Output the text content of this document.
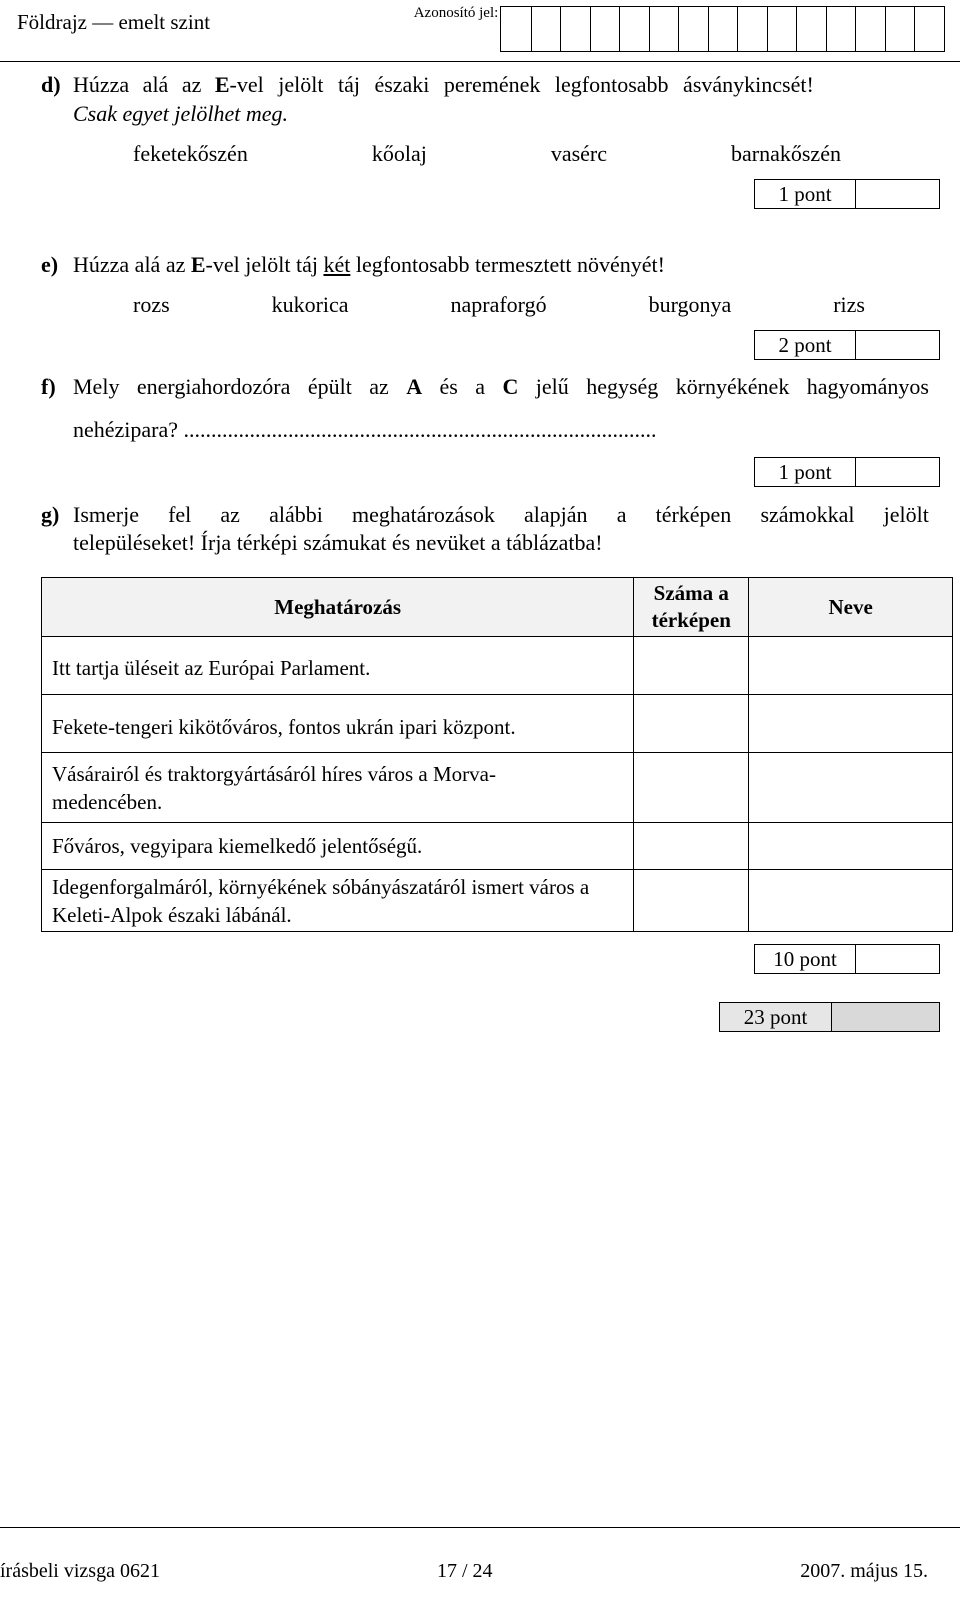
Földrajz — emelt szint	Azonosító jel:
d) Húzza alá az E -vel jelölt táj északi peremének legfontosabb ásványkincsét!
Csak egyet jelölhet meg.
feketekőszén	kőolaj	vasérc	barnakőszén
1 pont
e) Húzza alá az E -vel jelölt táj két legfontosabb termesztett növényét!
rozs	kukorica	napraforgó	burgonya	rizs
2 pont
f) Mely energiahordozóra épült az A és a C jelű hegység környékének hagyományos
nehézipara? ......................................................................................
1 pont
g) Ismerje fel az alábbi meghatározások alapján a térképen számokkal jelölt
településeket! Írja térképi számukat és nevüket a táblázatba!
Meghatározás	Száma a térképen	Neve
Itt tartja üléseit az Európai Parlament.		
Fekete-tengeri kikötőváros, fontos ukrán ipari központ.		
Vásárairól és traktorgyártásáról híres város a Morva-medencében.		
Főváros, vegyipara kiemelkedő jelentőségű.		
Idegenforgalmáról, környékének sóbányászatáról ismert város a Keleti-Alpok északi lábánál.		
10 pont
23 pont
írásbeli vizsga 0621	17 / 24	2007. május 15.
